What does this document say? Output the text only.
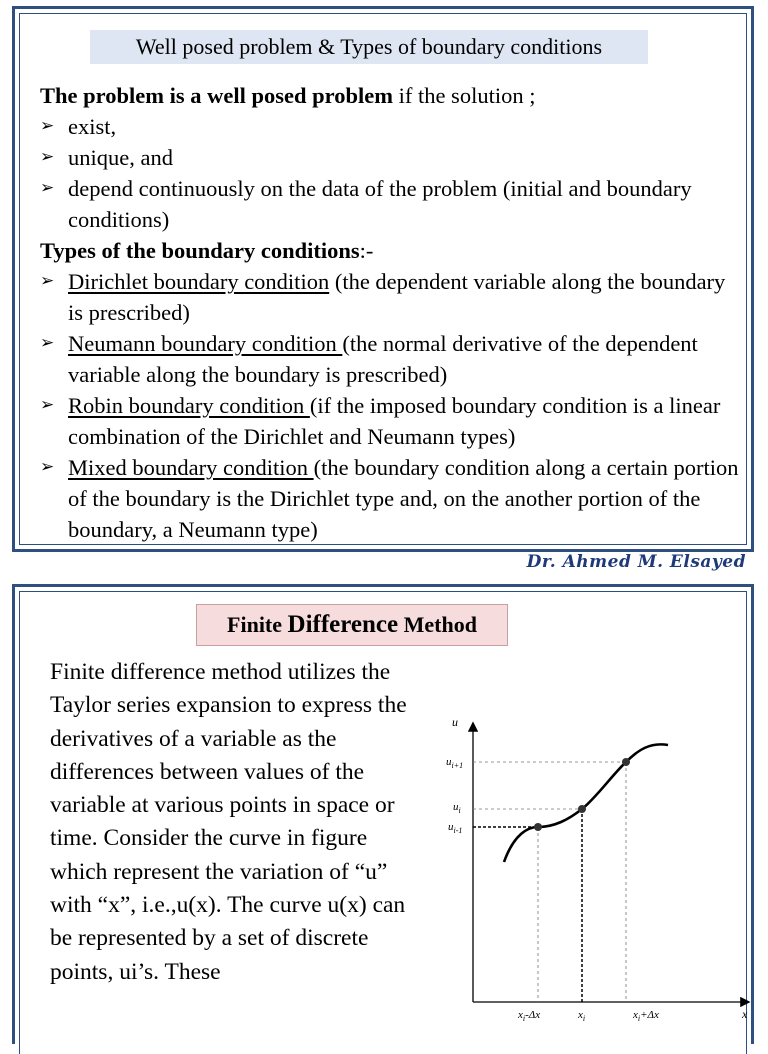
Well posed problem & Types of boundary conditions

The problem is a well posed problem if the solution ;

➢ exist,

➢ unique, and

➢ depend continuously on the data of the problem (initial and boundary conditions)

Types of the boundary conditions:-

➢ Dirichlet boundary condition (the dependent variable along the boundary is prescribed)

➢ Neumann boundary condition (the normal derivative of the dependent variable along the boundary is prescribed)

➢ Robin boundary condition (if the imposed boundary condition is a linear combination of the Dirichlet and Neumann types)

➢ Mixed boundary condition (the boundary condition along a certain portion of the boundary is the Dirichlet type and, on the another portion of the boundary, a Neumann type)

Dr. Ahmed M. Elsayed
Finite Difference Method

Finite difference method utilizes the Taylor series expansion to express the derivatives of a variable as the differences between values of the variable at various points in space or time. Consider the curve in figure which represent the variation of “u” with “x”, i.e.,u(x). The curve u(x) can be represented by a set of discrete points, ui’s. These

u
x
$u_{i+1}$
$u_i$
$u_{i-1}$
$x_i-\Delta x$	$x_i$	$x_i+\Delta x$
